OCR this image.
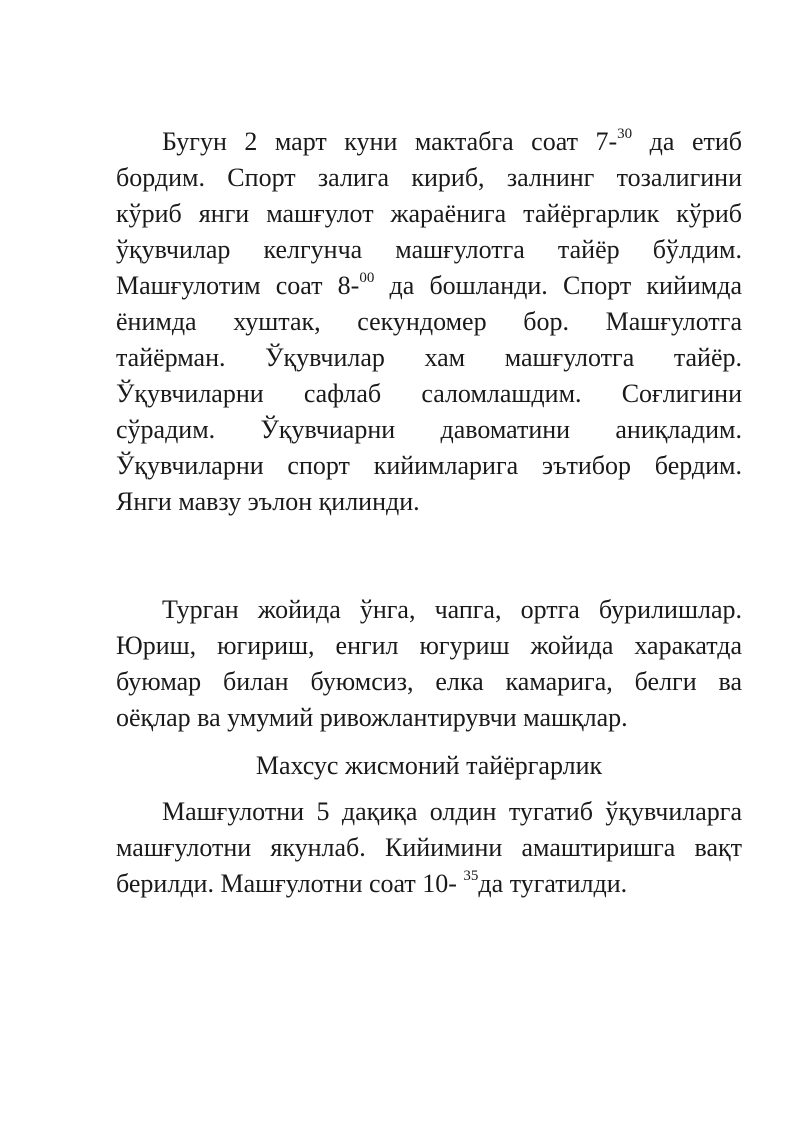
Бугун 2 март куни мактабга соат 7-$^{30}$ да етиб
бордим. Спорт залига кириб, залнинг тозалигини
кўриб янги машғулот жараёнига тайёргарлик кўриб
ўқувчилар келгунча машғулотга тайёр бўлдим.
Машғулотим соат 8-$^{00}$ да бошланди. Спорт кийимда
ёнимда хуштак, секундомер бор. Машғулотга
тайёрман. Ўқувчилар хам машғулотга тайёр.
Ўқувчиларни сафлаб саломлашдим. Соғлигини
сўрадим. Ўқувчиарни давоматини аниқладим.
Ўқувчиларни спорт кийимларига эътибор бердим.
Янги мавзу эълон қилинди.

Турган жойида ўнга, чапга, ортга бурилишлар.
Юриш, югириш, енгил югуриш жойида харакатда
буюмар билан буюмсиз, елка камарига, белги ва
оёқлар ва умумий ривожлантирувчи машқлар.

Махсус жисмоний тайёргарлик

Машғулотни 5 дақиқа олдин тугатиб ўқувчиларга
машғулотни якунлаб. Кийимини амаштиришга вақт
берилди. Машғулотни соат 10- $^{35}$да тугатилди.
